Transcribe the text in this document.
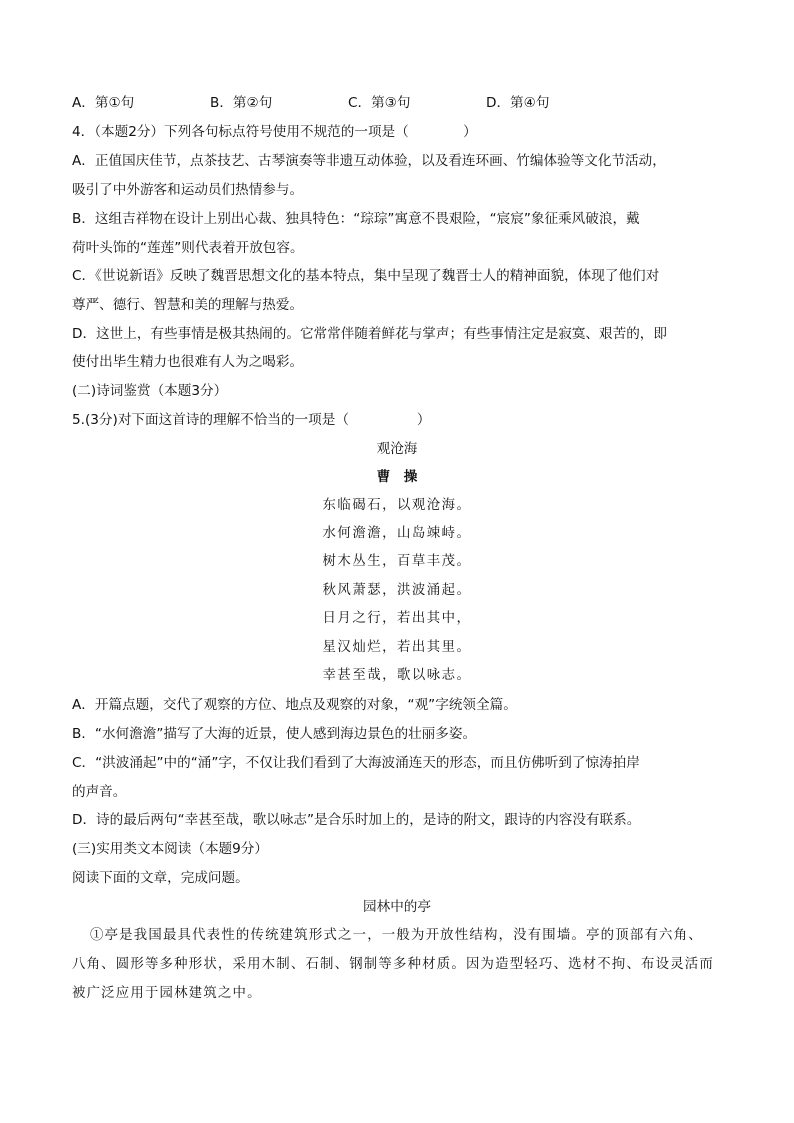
A．第①句	B．第②句	C．第③句	D．第④句
4．（本题2分）下列各句标点符号使用不规范的一项是（　　　　）
A．正值国庆佳节，点茶技艺、古琴演奏等非遗互动体验，以及看连环画、竹编体验等文化节活动，
吸引了中外游客和运动员们热情参与。
B．这组吉祥物在设计上别出心裁、独具特色：“琮琮”寓意不畏艰险，“宸宸”象征乘风破浪，戴
荷叶头饰的“莲莲”则代表着开放包容。
C．《世说新语》反映了魏晋思想文化的基本特点，集中呈现了魏晋士人的精神面貌，体现了他们对
尊严、德行、智慧和美的理解与热爱。
D．这世上，有些事情是极其热闹的。它常常伴随着鲜花与掌声；有些事情注定是寂寞、艰苦的，即
使付出毕生精力也很难有人为之喝彩。
(二)诗词鉴赏（本题3分）
5.(3分)对下面这首诗的理解不恰当的一项是（　　　　　）
观沧海
曹　操
东临碣石，以观沧海。
水何澹澹，山岛竦峙。
树木丛生，百草丰茂。
秋风萧瑟，洪波涌起。
日月之行，若出其中，
星汉灿烂，若出其里。
幸甚至哉，歌以咏志。
A．开篇点题，交代了观察的方位、地点及观察的对象，“观”字统领全篇。
B．“水何澹澹”描写了大海的近景，使人感到海边景色的壮丽多姿。
C．“洪波涌起”中的“涌”字，不仅让我们看到了大海波涌连天的形态，而且仿佛听到了惊涛拍岸
的声音。
D．诗的最后两句“幸甚至哉，歌以咏志”是合乐时加上的，是诗的附文，跟诗的内容没有联系。
(三)实用类文本阅读（本题9分）
阅读下面的文章，完成问题。
园林中的亭
①亭是我国最具代表性的传统建筑形式之一，一般为开放性结构，没有围墙。亭的顶部有六角、
八角、圆形等多种形状，采用木制、石制、钢制等多种材质。因为造型轻巧、选材不拘、布设灵活而
被广泛应用于园林建筑之中。
